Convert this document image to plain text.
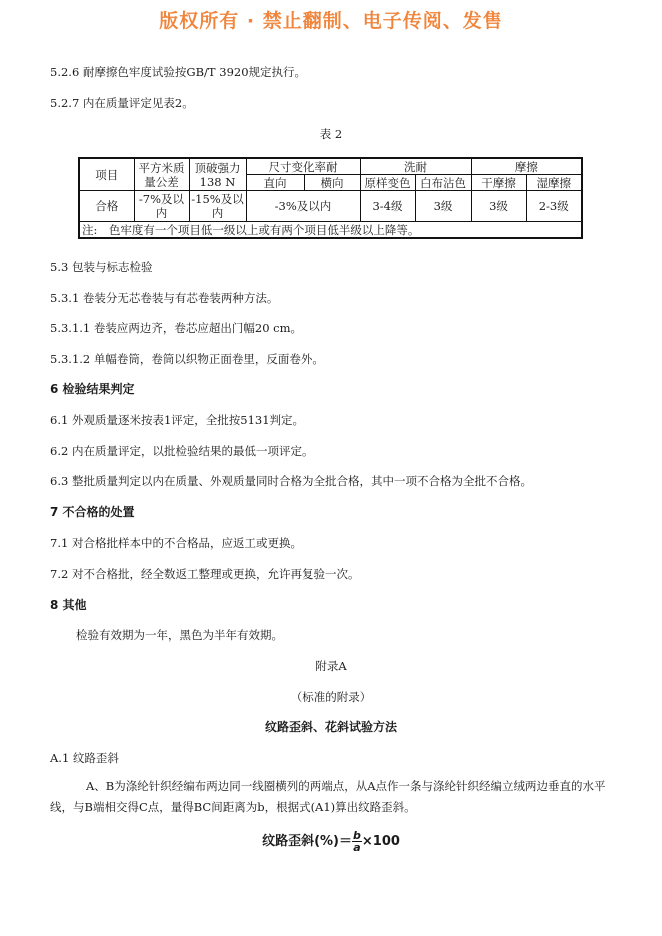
版权所有 · 禁止翻制、电子传阅、发售
5.2.6 耐摩擦色牢度试验按GB/T 3920规定执行。
5.2.7 内在质量评定见表2。
表 2
项目	平方米质量公差	顶破强力138 N	尺寸变化率耐		洗耐		摩擦	
			直向	横向	原样变色	白布沾色	干摩擦	湿摩擦
合格	-7%及以内	-15%及以内	-3%及以内		3-4级	3级	3级	2-3级
注:　色牢度有一个项目低一级以上或有两个项目低半级以上降等。								
5.3 包装与标志检验
5.3.1 卷装分无芯卷装与有芯卷装两种方法。
5.3.1.1 卷装应两边齐，卷芯应超出门幅20 cm。
5.3.1.2 单幅卷筒，卷筒以织物正面卷里，反面卷外。
6 检验结果判定
6.1 外观质量逐米按表1评定，全批按5131判定。
6.2 内在质量评定，以批检验结果的最低一项评定。
6.3 整批质量判定以内在质量、外观质量同时合格为全批合格，其中一项不合格为全批不合格。
7 不合格的处置
7.1 对合格批样本中的不合格品，应返工或更换。
7.2 对不合格批，经全数返工整理或更换，允许再复验一次。
8 其他
检验有效期为一年，黑色为半年有效期。
附录A
（标准的附录）
纹路歪斜、花斜试验方法
A.1 纹路歪斜
A、B为涤纶针织经编布两边同一线圈横列的两端点，从A点作一条与涤纶针织经编立绒两边垂直的水平线，与B端相交得C点，量得BC间距离为b，根据式(A1)算出纹路歪斜。
纹路歪斜(%)＝ $\frac{b}{a} \times 100$
